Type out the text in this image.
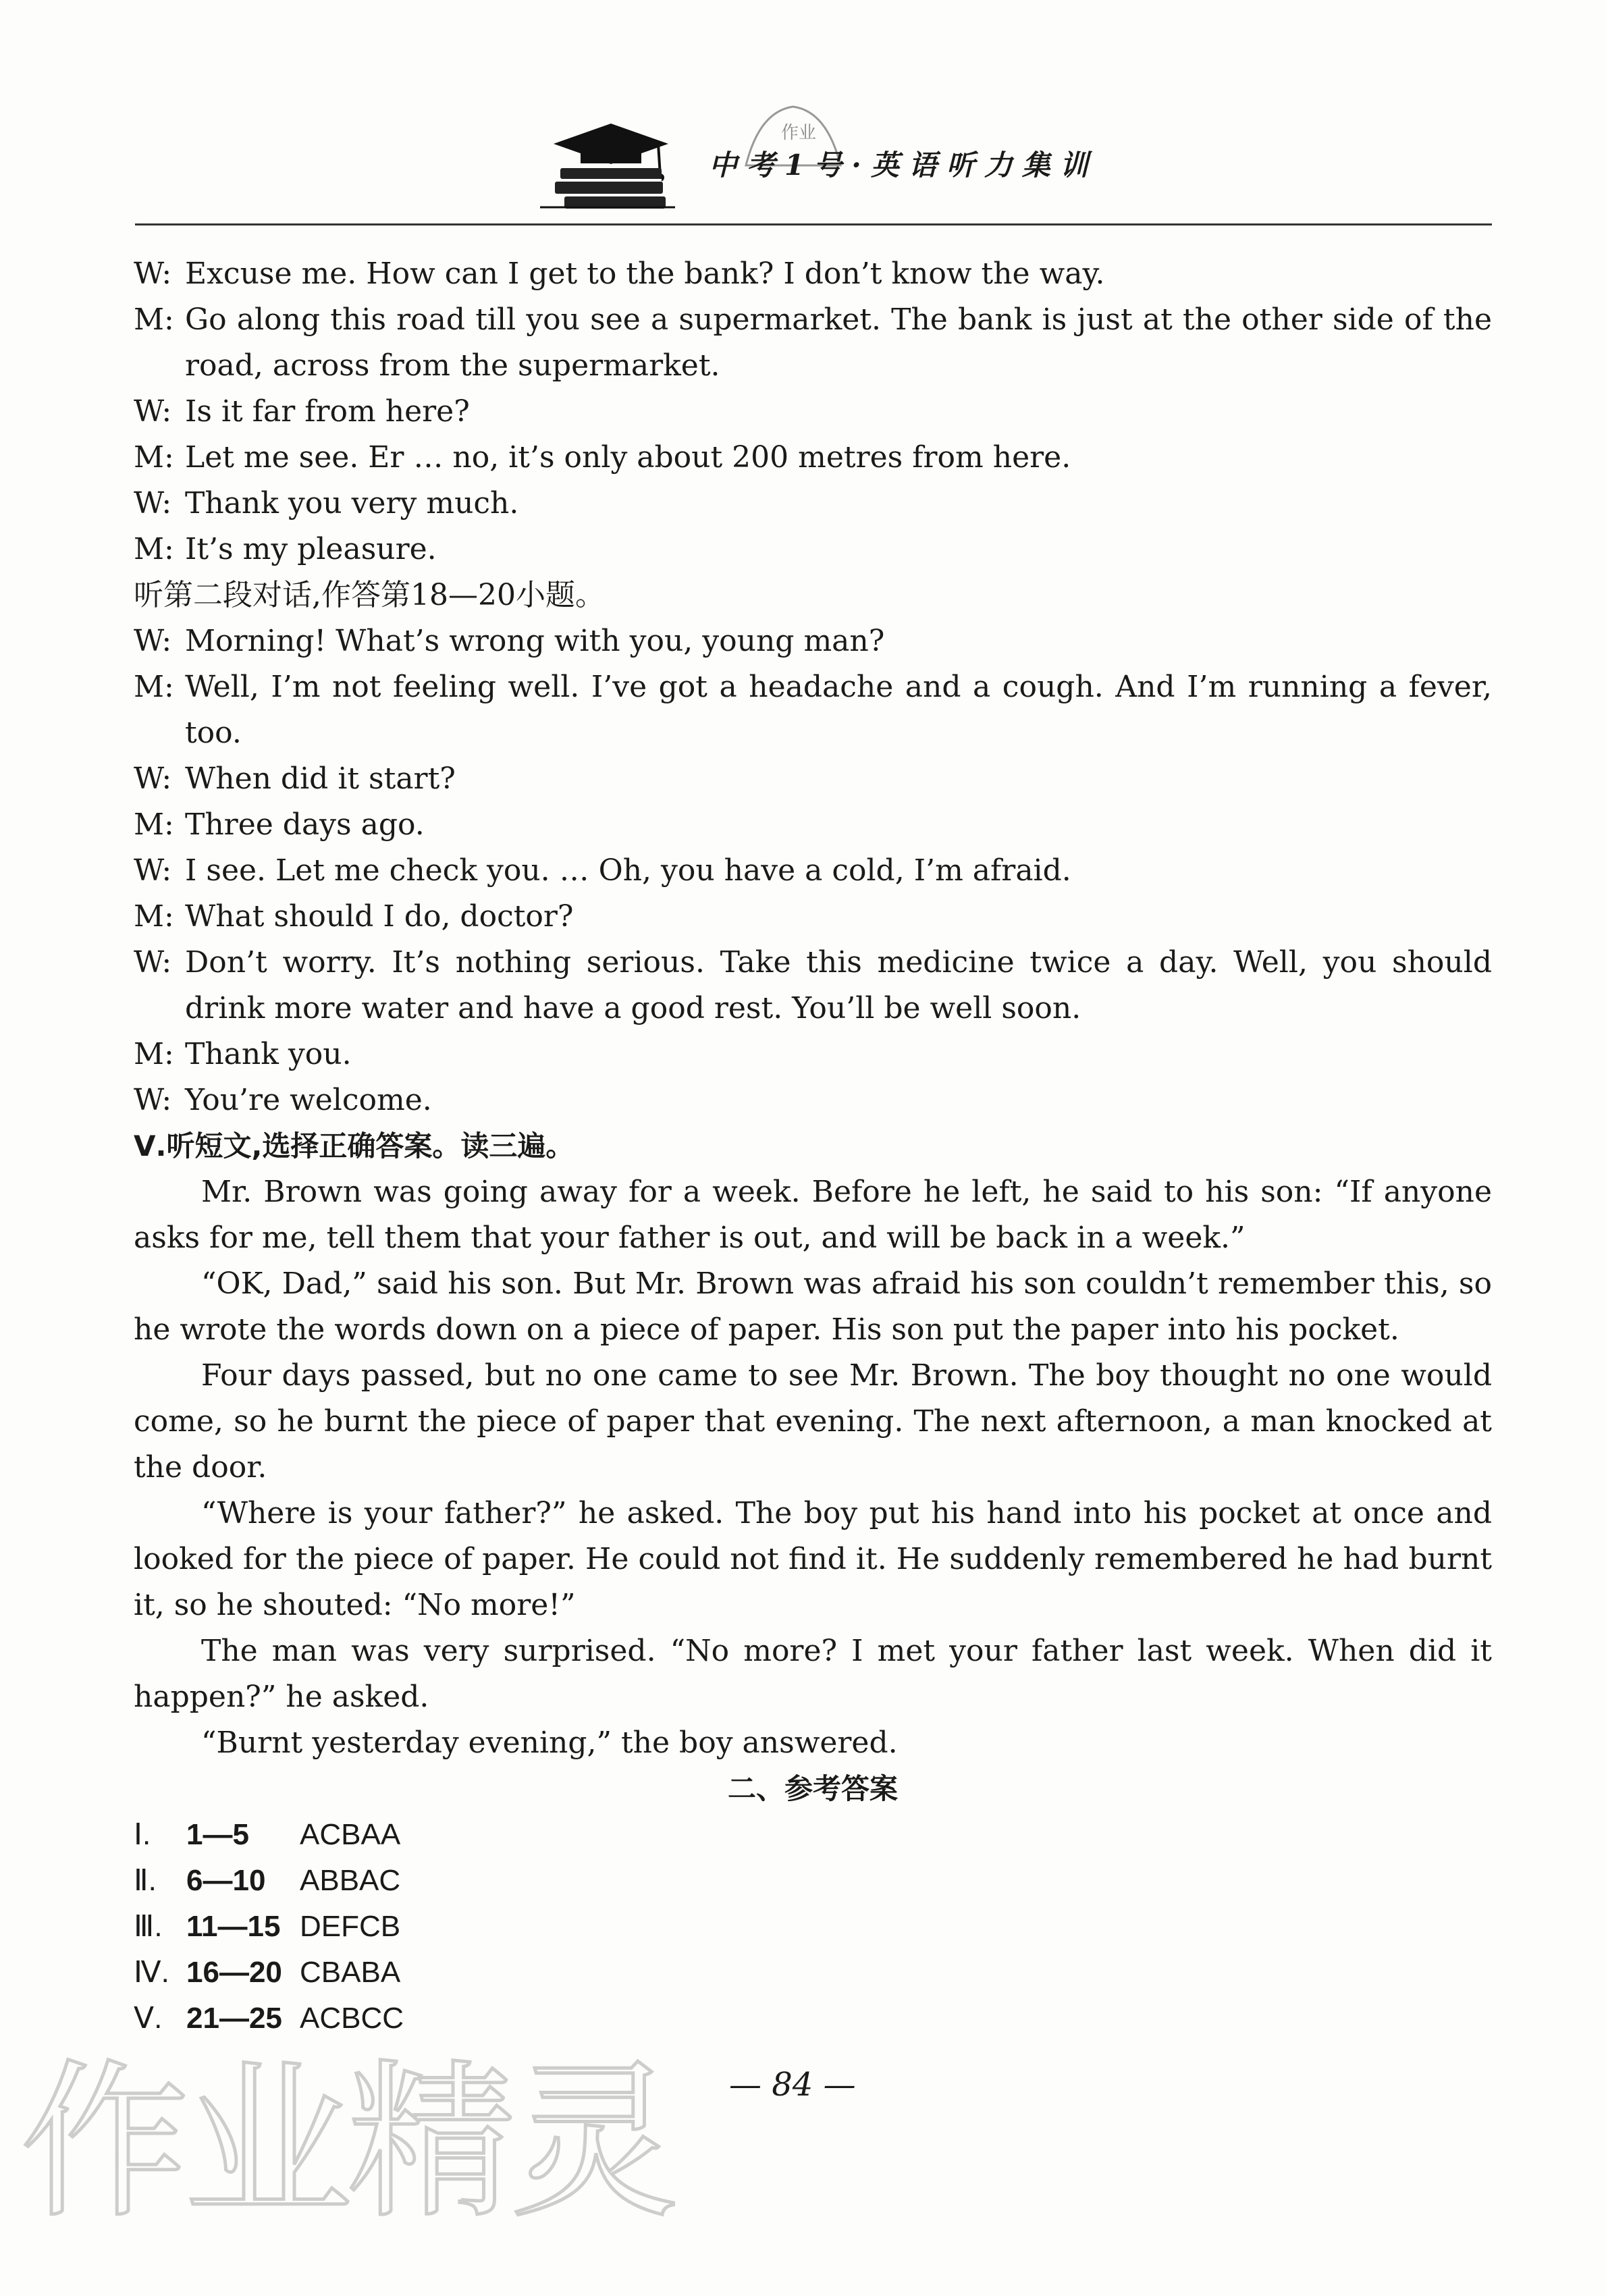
作业
中考1号·英语听力集训
W: Excuse me. How can I get to the bank? I don’t know the way.
M: Go along this road till you see a supermarket. The bank is just at the other side of the road, across from the supermarket.
W: Is it far from here?
M: Let me see. Er … no, it’s only about 200 metres from here.
W: Thank you very much.
M: It’s my pleasure.
听第二段对话,作答第18—20小题。
W: Morning! What’s wrong with you, young man?
M: Well, I’m not feeling well. I’ve got a headache and a cough. And I’m running a fever, too.
W: When did it start?
M: Three days ago.
W: I see. Let me check you. … Oh, you have a cold, I’m afraid.
M: What should I do, doctor?
W: Don’t worry. It’s nothing serious. Take this medicine twice a day. Well, you should drink more water and have a good rest. You’ll be well soon.
M: Thank you.
W: You’re welcome.
Ⅴ.听短文,选择正确答案。读三遍。

Mr. Brown was going away for a week. Before he left, he said to his son: “If anyone asks for me, tell them that your father is out, and will be back in a week.”

“OK, Dad,” said his son. But Mr. Brown was afraid his son couldn’t remember this, so he wrote the words down on a piece of paper. His son put the paper into his pocket.

Four days passed, but no one came to see Mr. Brown. The boy thought no one would come, so he burnt the piece of paper that evening. The next afternoon, a man knocked at the door.

“Where is your father?” he asked. The boy put his hand into his pocket at once and looked for the piece of paper. He could not find it. He suddenly remembered he had burnt it, so he shouted: “No more!”

The man was very surprised. “No more? I met your father last week. When did it happen?” he asked.

“Burnt yesterday evening,” the boy answered.

二、参考答案

Ⅰ. 1—5 ACBAA
Ⅱ. 6—10 ABBAC
Ⅲ. 11—15 DEFCB
Ⅳ. 16—20 CBABA
Ⅴ. 21—25 ACBCC
作业精灵 — 84 —
